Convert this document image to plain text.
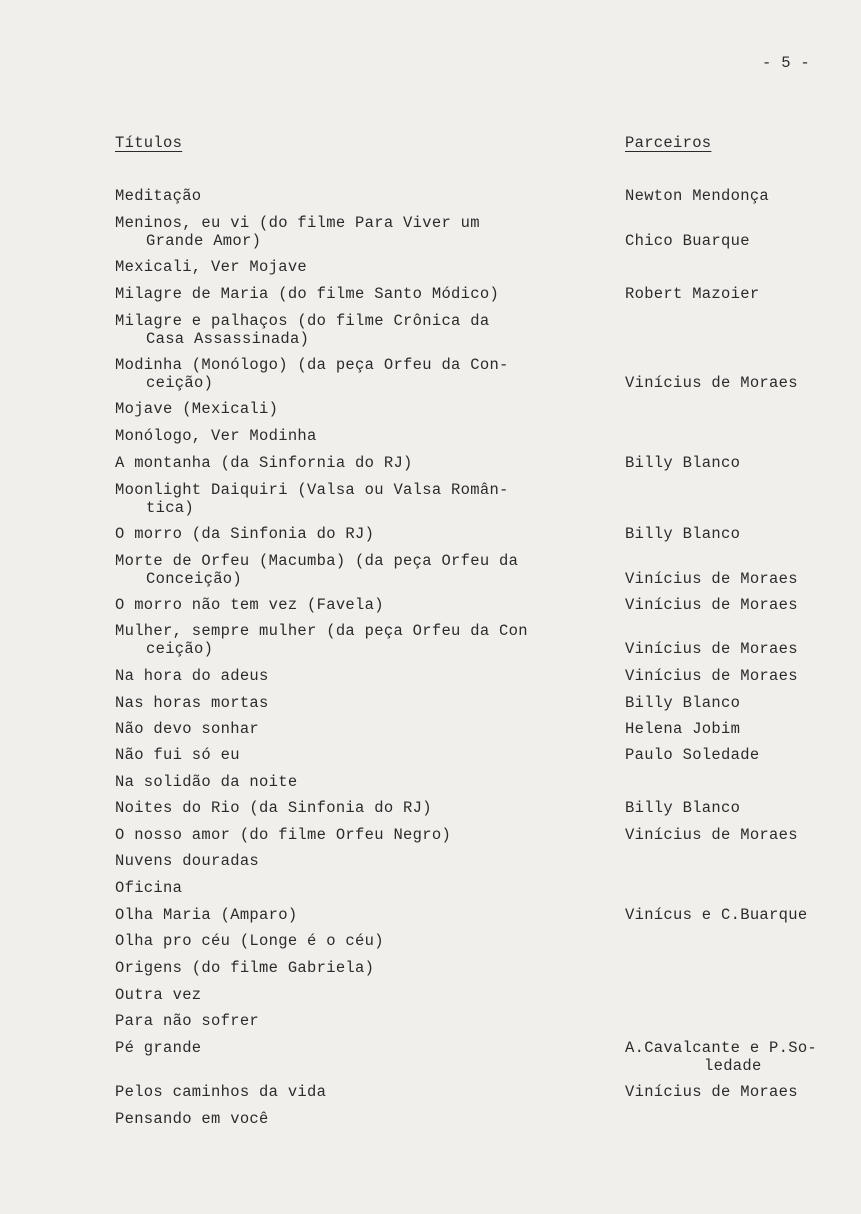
- 5 -
Títulos	Parceiros
Meditação	Newton Mendonça
Meninos, eu vi (do filme Para Viver um
Grande Amor)	Chico Buarque
Mexicali, Ver Mojave
Milagre de Maria (do filme Santo Módico)	Robert Mazoier
Milagre e palhaços (do filme Crônica da
Casa Assassinada)
Modinha (Monólogo) (da peça Orfeu da Con-
ceição)	Vinícius de Moraes
Mojave (Mexicali)
Monólogo, Ver Modinha
A montanha (da Sinfornia do RJ)	Billy Blanco
Moonlight Daiquiri (Valsa ou Valsa Român-
tica)
O morro (da Sinfonia do RJ)	Billy Blanco
Morte de Orfeu (Macumba) (da peça Orfeu da
Conceição)	Vinícius de Moraes
O morro não tem vez (Favela)	Vinícius de Moraes
Mulher, sempre mulher (da peça Orfeu da Con
ceição)	Vinícius de Moraes
Na hora do adeus	Vinícius de Moraes
Nas horas mortas	Billy Blanco
Não devo sonhar	Helena Jobim
Não fui só eu	Paulo Soledade
Na solidão da noite
Noites do Rio (da Sinfonia do RJ)	Billy Blanco
O nosso amor (do filme Orfeu Negro)	Vinícius de Moraes
Nuvens douradas
Oficina
Olha Maria (Amparo)	Vinícus e C.Buarque
Olha pro céu (Longe é o céu)
Origens (do filme Gabriela)
Outra vez
Para não sofrer
Pé grande	A.Cavalcante e P.So-
ledade
Pelos caminhos da vida	Vinícius de Moraes
Pensando em você
